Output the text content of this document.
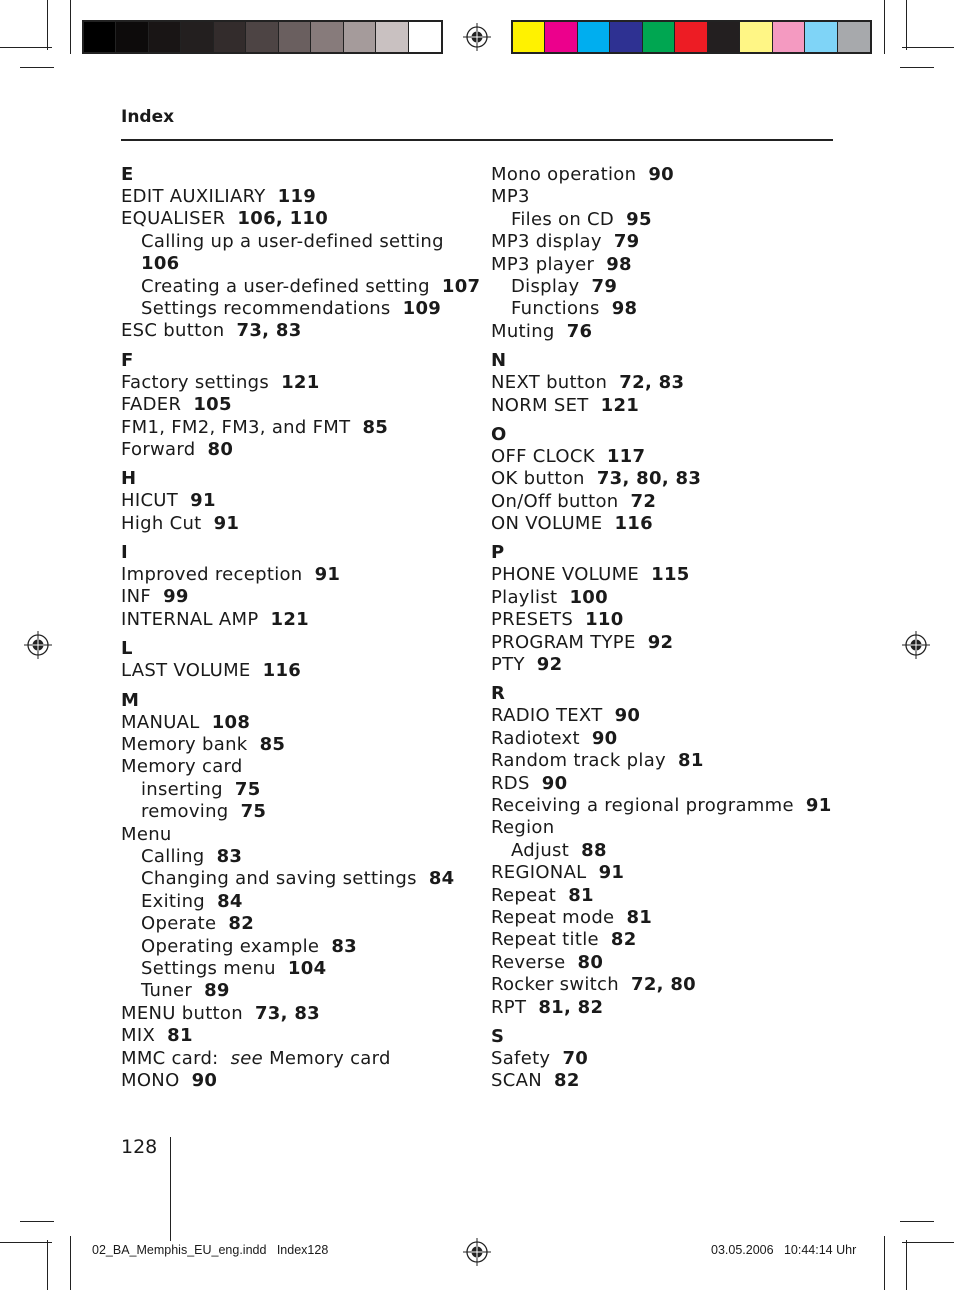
Index
E
EDIT AUXILIARY 119
EQUALISER 106, 110
Calling up a user-defined setting
106
Creating a user-defined setting 107
Settings recommendations 109
ESC button 73, 83
F
Factory settings 121
FADER 105
FM1, FM2, FM3, and FMT 85
Forward 80
H
HICUT 91
High Cut 91
I
Improved reception 91
INF 99
INTERNAL AMP 121
L
LAST VOLUME 116
M
MANUAL 108
Memory bank 85
Memory card
inserting 75
removing 75
Menu
Calling 83
Changing and saving settings 84
Exiting 84
Operate 82
Operating example 83
Settings menu 104
Tuner 89
MENU button 73, 83
MIX 81
MMC card: see Memory card
MONO 90
Mono operation 90
MP3
Files on CD 95
MP3 display 79
MP3 player 98
Display 79
Functions 98
Muting 76
N
NEXT button 72, 83
NORM SET 121
O
OFF CLOCK 117
OK button 73, 80, 83
On/Off button 72
ON VOLUME 116
P
PHONE VOLUME 115
Playlist 100
PRESETS 110
PROGRAM TYPE 92
PTY 92
R
RADIO TEXT 90
Radiotext 90
Random track play 81
RDS 90
Receiving a regional programme 91
Region
Adjust 88
REGIONAL 91
Repeat 81
Repeat mode 81
Repeat title 82
Reverse 80
Rocker switch 72, 80
RPT 81, 82
S
Safety 70
SCAN 82
128
02_BA_Memphis_EU_eng.indd   Index128	03.05.2006   10:44:14 Uhr
